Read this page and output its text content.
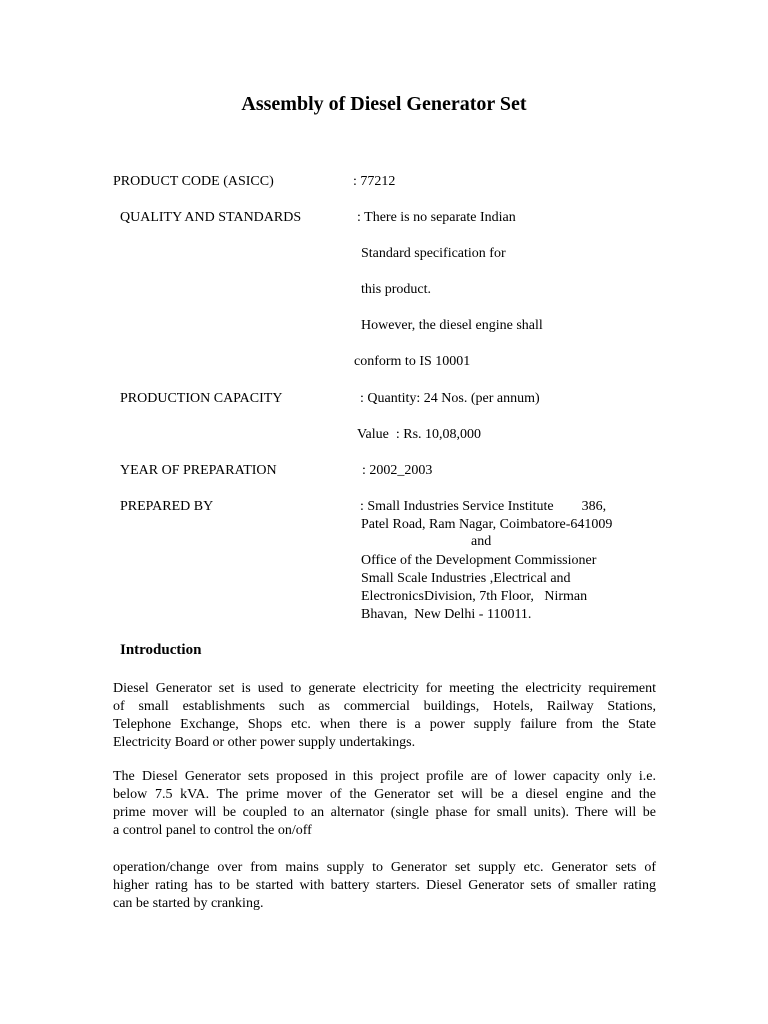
Assembly of Diesel Generator Set
PRODUCT CODE (ASICC)	: 77212
QUALITY AND STANDARDS	: There is no separate Indian
Standard specification for
this product.
However, the diesel engine shall
conform to IS 10001
PRODUCTION CAPACITY	: Quantity: 24 Nos. (per annum)
Value  : Rs. 10,08,000
YEAR OF PREPARATION	: 2002_2003
PREPARED BY	: Small Industries Service Institute        386,
Patel Road, Ram Nagar, Coimbatore-641009
and
Office of the Development Commissioner
Small Scale Industries ,Electrical and
ElectronicsDivision, 7th Floor,   Nirman
Bhavan,  New Delhi - 110011.
Introduction
Diesel Generator set is used to generate electricity for meeting the electricity requirement
of small establishments such as commercial buildings, Hotels, Railway Stations,
Telephone Exchange, Shops etc. when there is a power supply failure from the State
Electricity Board or other power supply undertakings.
The Diesel Generator sets proposed in this project profile are of lower capacity only i.e.
below 7.5 kVA. The prime mover of the Generator set will be a diesel engine and the
prime mover will be coupled to an alternator (single phase for small units). There will be
a control panel to control the on/off
operation/change over from mains supply to Generator set supply etc. Generator sets of
higher rating has to be started with battery starters. Diesel Generator sets of smaller rating
can be started by cranking.
